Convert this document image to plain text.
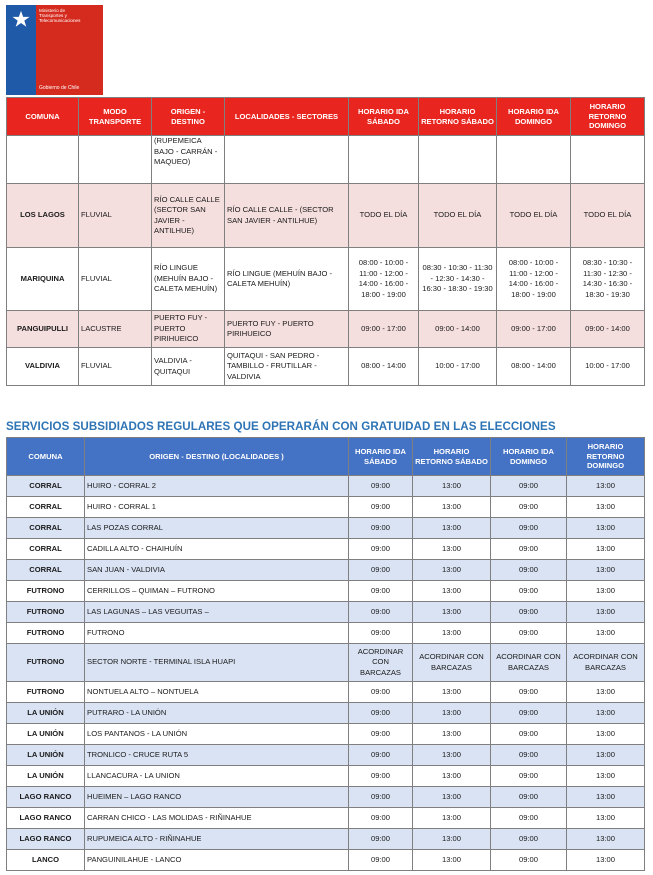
Ministerio de
Transportes y
Telecomunicaciones
Gobierno de Chile
COMUNA	MODO TRANSPORTE	ORIGEN - DESTINO	LOCALIDADES - SECTORES	HORARIO IDA SÁBADO	HORARIO RETORNO SÁBADO	HORARIO IDA DOMINGO	HORARIO RETORNO DOMINGO
		(RUPEMEICA BAJO - CARRÁN - MAQUEO)					
LOS LAGOS	FLUVIAL	RÍO CALLE CALLE (SECTOR SAN JAVIER - ANTILHUE)	RÍO CALLE CALLE - (SECTOR SAN JAVIER - ANTILHUE)	TODO EL DÍA	TODO EL DÍA	TODO EL DÍA	TODO EL DÍA
MARIQUINA	FLUVIAL	RÍO LINGUE (MEHUÍN BAJO - CALETA MEHUÍN)	RÍO LINGUE (MEHUÍN BAJO - CALETA MEHUÍN)	08:00 - 10:00 - 11:00 - 12:00 - 14:00 - 16:00 - 18:00 - 19:00	08:30 - 10:30 - 11:30 - 12:30 - 14:30 - 16:30 - 18:30 - 19:30	08:00 - 10:00 - 11:00 - 12:00 - 14:00 - 16:00 - 18:00 - 19:00	08:30 - 10:30 - 11:30 - 12:30 - 14:30 - 16:30 - 18:30 - 19:30
PANGUIPULLI	LACUSTRE	PUERTO FUY - PUERTO PIRIHUEICO	PUERTO FUY - PUERTO PIRIHUEICO	09:00 - 17:00	09:00 - 14:00	09:00 - 17:00	09:00 - 14:00
VALDIVIA	FLUVIAL	VALDIVIA - QUITAQUI	QUITAQUI - SAN PEDRO - TAMBILLO - FRUTILLAR - VALDIVIA	08:00 - 14:00	10:00 - 17:00	08:00 - 14:00	10:00 - 17:00
SERVICIOS SUBSIDIADOS REGULARES QUE OPERARÁN CON GRATUIDAD EN LAS ELECCIONES
COMUNA	ORIGEN - DESTINO (LOCALIDADES )	HORARIO IDA SÁBADO	HORARIO RETORNO SÁBADO	HORARIO IDA DOMINGO	HORARIO RETORNO DOMINGO
CORRAL	HUIRO - CORRAL 2	09:00	13:00	09:00	13:00
CORRAL	HUIRO - CORRAL 1	09:00	13:00	09:00	13:00
CORRAL	LAS POZAS CORRAL	09:00	13:00	09:00	13:00
CORRAL	CADILLA ALTO - CHAIHUÍN	09:00	13:00	09:00	13:00
CORRAL	SAN JUAN - VALDIVIA	09:00	13:00	09:00	13:00
FUTRONO	CERRILLOS – QUIMAN – FUTRONO	09:00	13:00	09:00	13:00
FUTRONO	LAS LAGUNAS – LAS VEGUITAS –	09:00	13:00	09:00	13:00
FUTRONO	FUTRONO	09:00	13:00	09:00	13:00
FUTRONO	SECTOR NORTE - TERMINAL ISLA HUAPI	ACORDINAR CON BARCAZAS	ACORDINAR CON BARCAZAS	ACORDINAR CON BARCAZAS	ACORDINAR CON BARCAZAS
FUTRONO	NONTUELA ALTO – NONTUELA	09:00	13:00	09:00	13:00
LA UNIÓN	PUTRARO - LA UNIÓN	09:00	13:00	09:00	13:00
LA UNIÓN	LOS PANTANOS - LA UNIÓN	09:00	13:00	09:00	13:00
LA UNIÓN	TRONLICO - CRUCE RUTA 5	09:00	13:00	09:00	13:00
LA UNIÓN	LLANCACURA - LA UNION	09:00	13:00	09:00	13:00
LAGO RANCO	HUEIMEN – LAGO RANCO	09:00	13:00	09:00	13:00
LAGO RANCO	CARRAN CHICO - LAS MOLIDAS - RIÑINAHUE	09:00	13:00	09:00	13:00
LAGO RANCO	RUPUMEICA ALTO - RIÑINAHUE	09:00	13:00	09:00	13:00
LANCO	PANGUINILAHUE - LANCO	09:00	13:00	09:00	13:00
